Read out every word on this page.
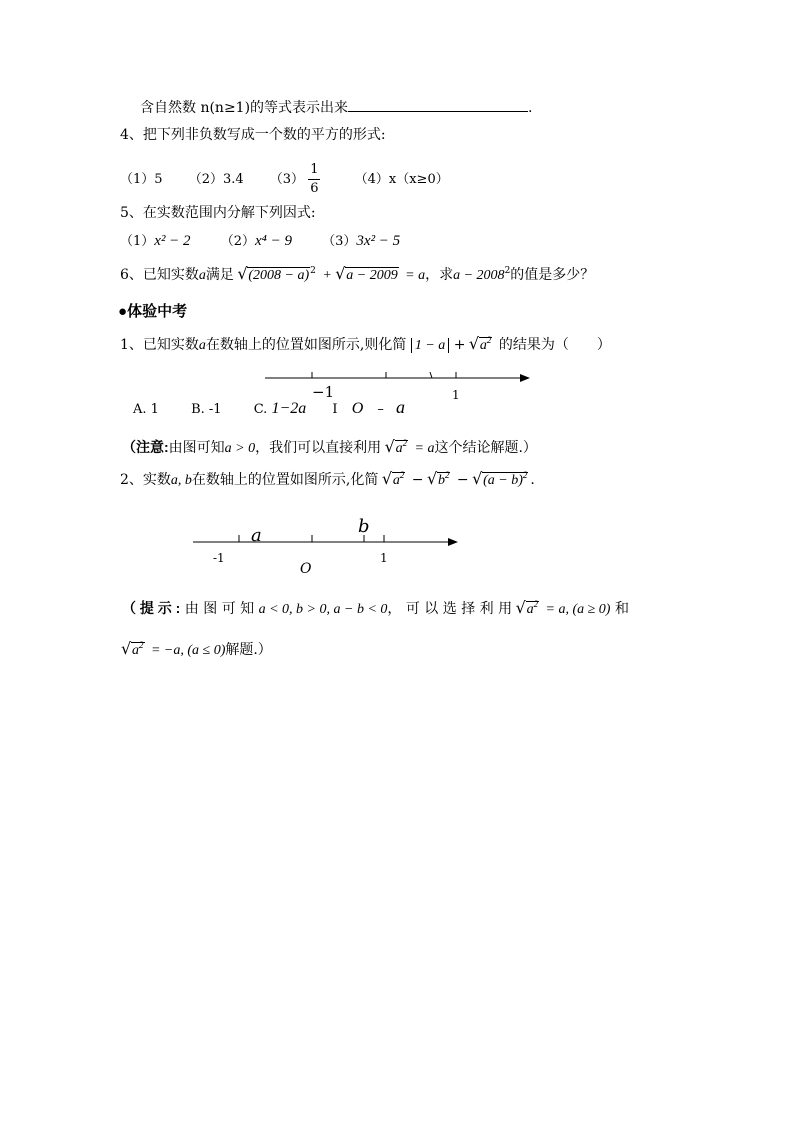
含自然数 n(n≥1)的等式表示出来	.
4、把下列非负数写成一个数的平方的形式:
（1）5 （2）3.4 $(3) \frac{1}{6}$	（4）x（x≥0）
5、在实数范围内分解下列因式:
（1）x² − 2 （2）x⁴ − 9 （3）3x² − 5
6、已知实数a满足 √ $(2008 - a)^2$ + √ a − 2009 = a，求$a - 2008^2$的值是多少？
●体验中考
1、已知实数a在数轴上的位置如图所示,则化简 1 − a + √ $a^2$ 的结果为（　　）
−1	1
A. 1 B. -1 C. 1−2a I O – a
（注意:由图可知a > 0，我们可以直接利用 √ $a^2 = a$这个结论解题.）
2、实数a, b在数轴上的位置如图所示,化简 √ $a^2$ − √ $b^2$ − √ $(a - b)^2$ .
a	b
-1	1
O
（ 提 示 : 由 图 可 知 a < 0, b > 0, a − b < 0， 可 以 选 择 利 用 √ $a^2 = a$, (a ≥ 0) 和
√ $a^2 = -a$, (a ≤ 0)解题.）
